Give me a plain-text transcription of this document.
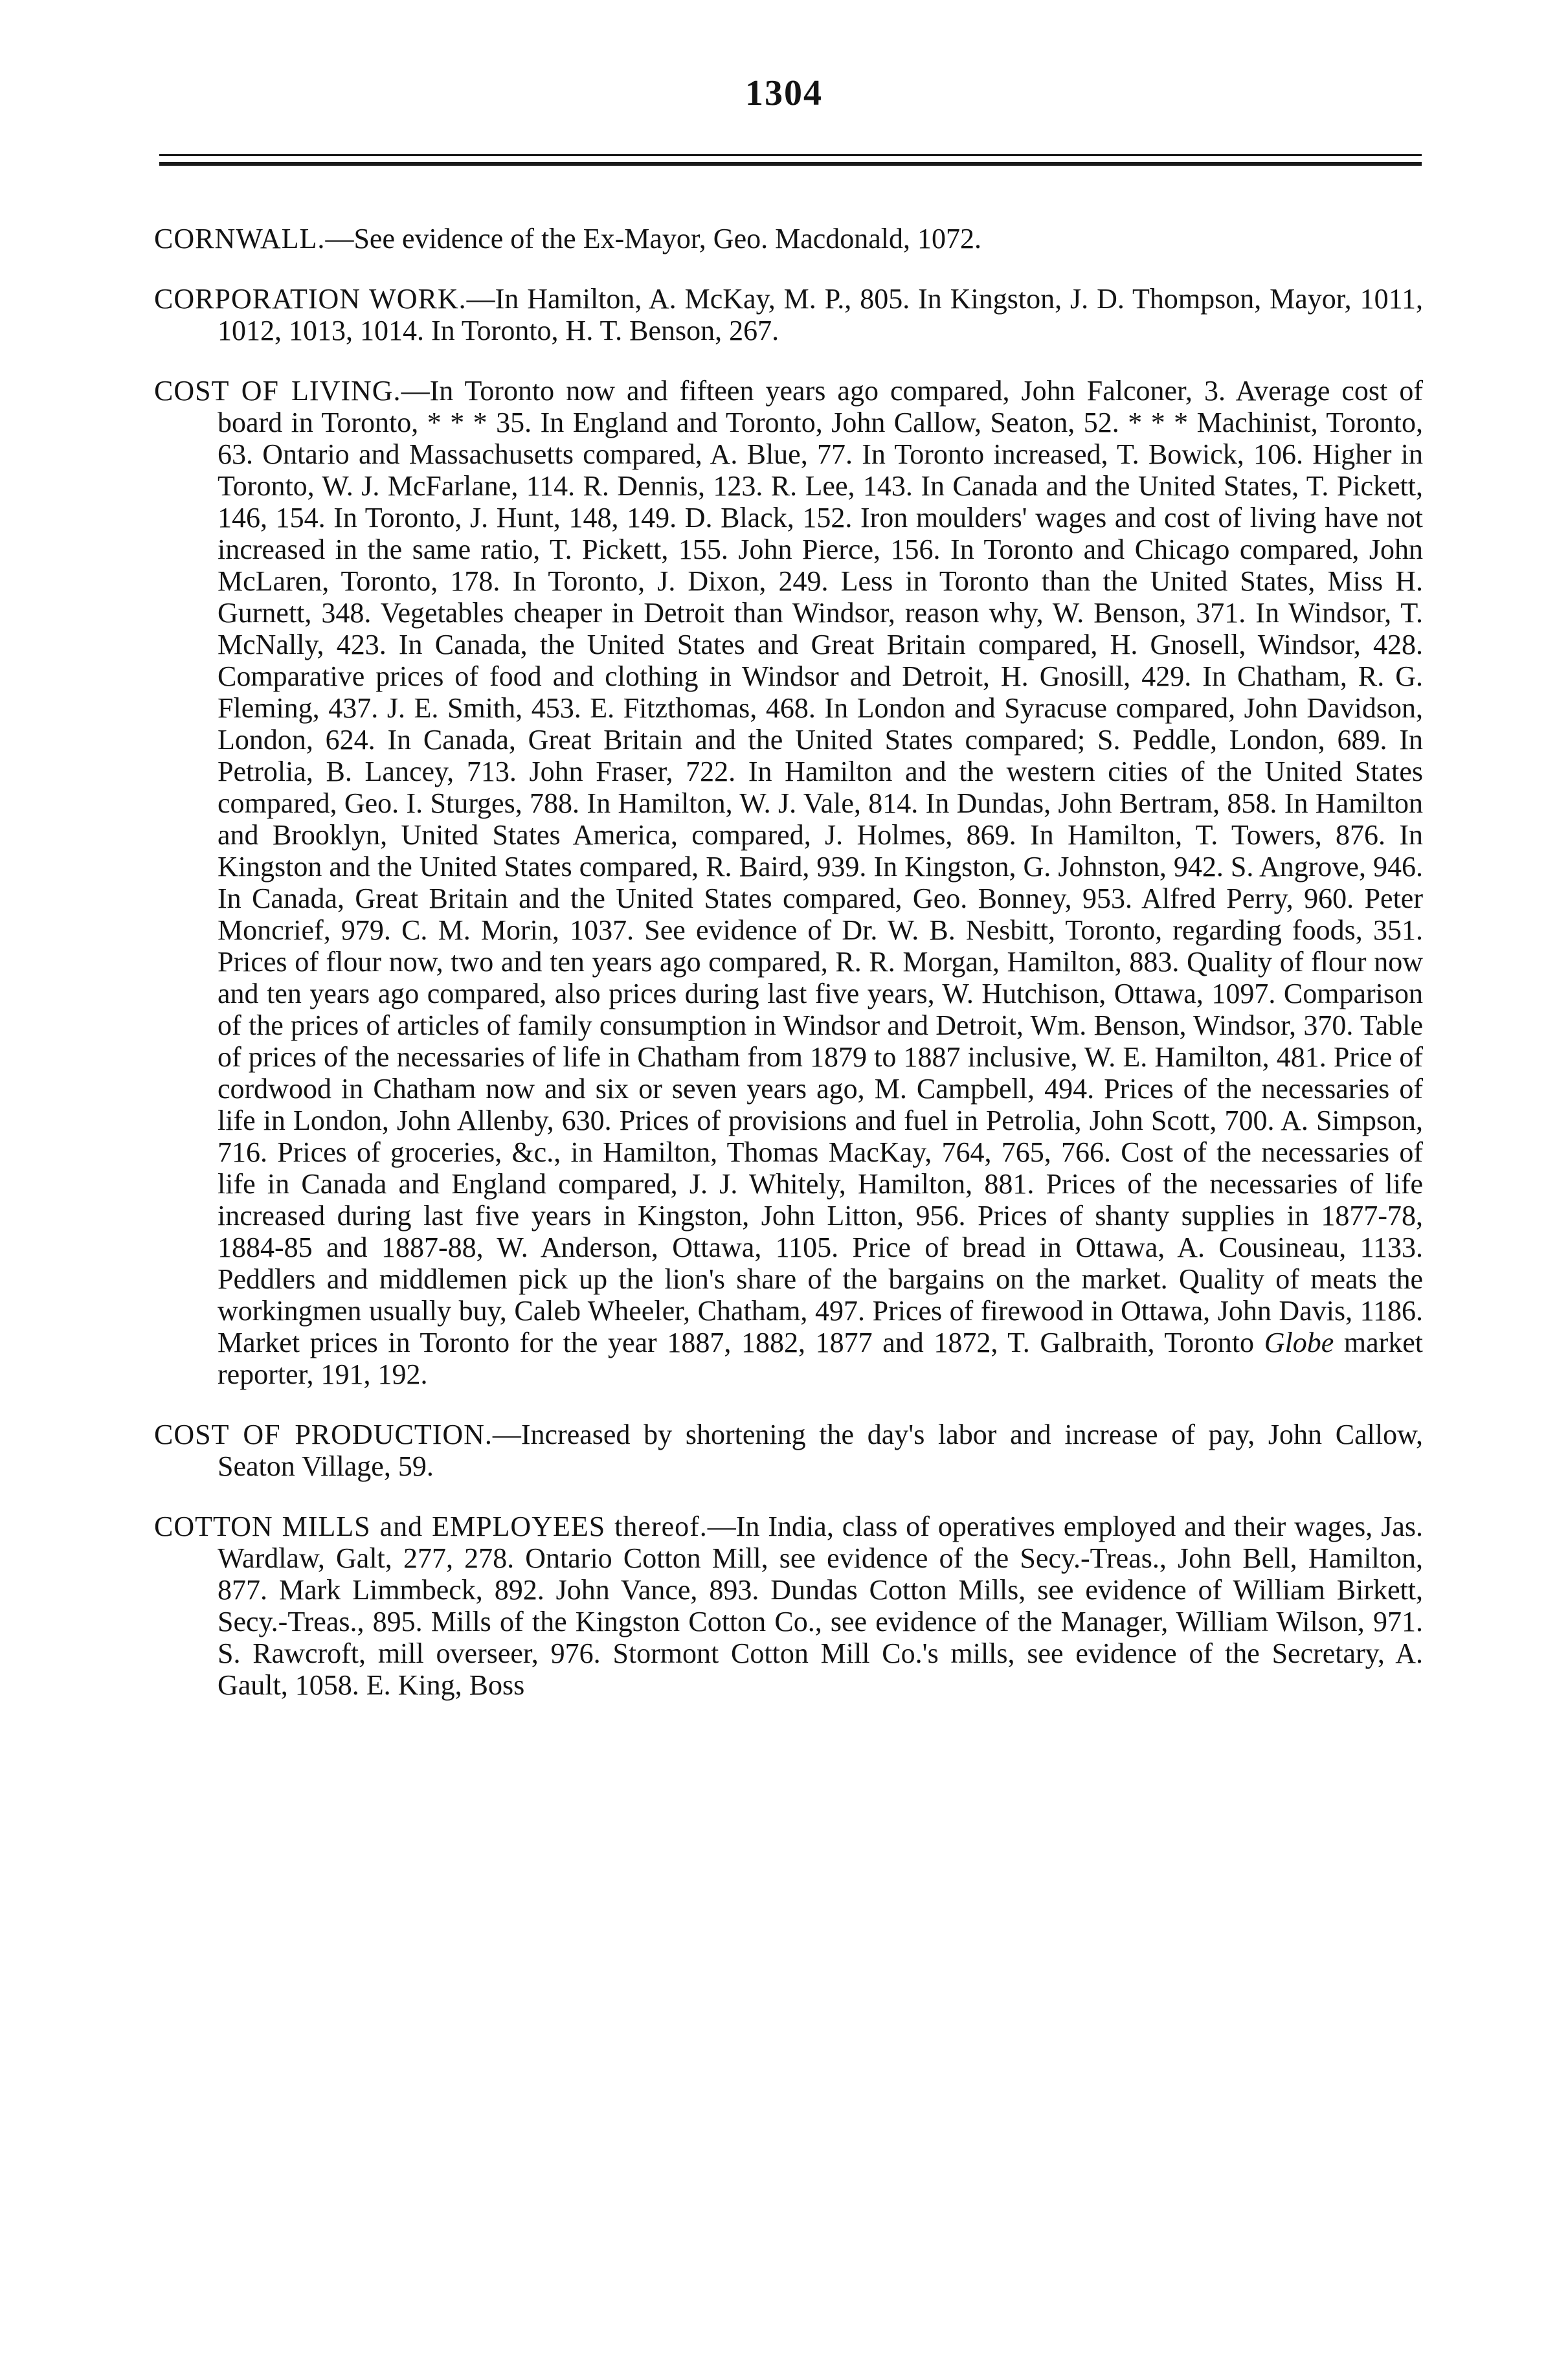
1304

CORNWALL.—See evidence of the Ex-Mayor, Geo. Macdonald, 1072.

CORPORATION WORK.—In Hamilton, A. McKay, M. P., 805. In Kingston, J. D. Thompson, Mayor, 1011, 1012, 1013, 1014. In Toronto, H. T. Benson, 267.

COST OF LIVING.—In Toronto now and fifteen years ago compared, John Falconer, 3. Average cost of board in Toronto, * * * 35. In England and Toronto, John Callow, Seaton, 52. * * * Machinist, Toronto, 63. Ontario and Massachusetts compared, A. Blue, 77. In Toronto increased, T. Bowick, 106. Higher in Toronto, W. J. McFarlane, 114. R. Dennis, 123. R. Lee, 143. In Canada and the United States, T. Pickett, 146, 154. In Toronto, J. Hunt, 148, 149. D. Black, 152. Iron moulders' wages and cost of living have not increased in the same ratio, T. Pickett, 155. John Pierce, 156. In Toronto and Chicago compared, John McLaren, Toronto, 178. In Toronto, J. Dixon, 249. Less in Toronto than the United States, Miss H. Gurnett, 348. Vegetables cheaper in Detroit than Windsor, reason why, W. Benson, 371. In Windsor, T. McNally, 423. In Canada, the United States and Great Britain compared, H. Gnosell, Windsor, 428. Comparative prices of food and clothing in Windsor and Detroit, H. Gnosill, 429. In Chatham, R. G. Fleming, 437. J. E. Smith, 453. E. Fitzthomas, 468. In London and Syracuse compared, John Davidson, London, 624. In Canada, Great Britain and the United States compared; S. Peddle, London, 689. In Petrolia, B. Lancey, 713. John Fraser, 722. In Hamilton and the western cities of the United States compared, Geo. I. Sturges, 788. In Hamilton, W. J. Vale, 814. In Dundas, John Bertram, 858. In Hamilton and Brooklyn, United States America, compared, J. Holmes, 869. In Hamilton, T. Towers, 876. In Kingston and the United States compared, R. Baird, 939. In Kingston, G. Johnston, 942. S. Angrove, 946. In Canada, Great Britain and the United States compared, Geo. Bonney, 953. Alfred Perry, 960. Peter Moncrief, 979. C. M. Morin, 1037. See evidence of Dr. W. B. Nesbitt, Toronto, regarding foods, 351. Prices of flour now, two and ten years ago compared, R. R. Morgan, Hamilton, 883. Quality of flour now and ten years ago compared, also prices during last five years, W. Hutchison, Ottawa, 1097. Comparison of the prices of articles of family consumption in Windsor and Detroit, Wm. Benson, Windsor, 370. Table of prices of the necessaries of life in Chatham from 1879 to 1887 inclusive, W. E. Hamilton, 481. Price of cordwood in Chatham now and six or seven years ago, M. Campbell, 494. Prices of the necessaries of life in London, John Allenby, 630. Prices of provisions and fuel in Petrolia, John Scott, 700. A. Simpson, 716. Prices of groceries, &c., in Hamilton, Thomas MacKay, 764, 765, 766. Cost of the necessaries of life in Canada and England compared, J. J. Whitely, Hamilton, 881. Prices of the necessaries of life increased during last five years in Kingston, John Litton, 956. Prices of shanty supplies in 1877-78, 1884-85 and 1887-88, W. Anderson, Ottawa, 1105. Price of bread in Ottawa, A. Cousineau, 1133. Peddlers and middlemen pick up the lion's share of the bargains on the market. Quality of meats the workingmen usually buy, Caleb Wheeler, Chatham, 497. Prices of firewood in Ottawa, John Davis, 1186. Market prices in Toronto for the year 1887, 1882, 1877 and 1872, T. Galbraith, Toronto Globe market reporter, 191, 192.

COST OF PRODUCTION.—Increased by shortening the day's labor and increase of pay, John Callow, Seaton Village, 59.

COTTON MILLS and EMPLOYEES thereof.—In India, class of operatives employed and their wages, Jas. Wardlaw, Galt, 277, 278. Ontario Cotton Mill, see evidence of the Secy.-Treas., John Bell, Hamilton, 877. Mark Limmbeck, 892. John Vance, 893. Dundas Cotton Mills, see evidence of William Birkett, Secy.-Treas., 895. Mills of the Kingston Cotton Co., see evidence of the Manager, William Wilson, 971. S. Rawcroft, mill overseer, 976. Stormont Cotton Mill Co.'s mills, see evidence of the Secretary, A. Gault, 1058. E. King, Boss
